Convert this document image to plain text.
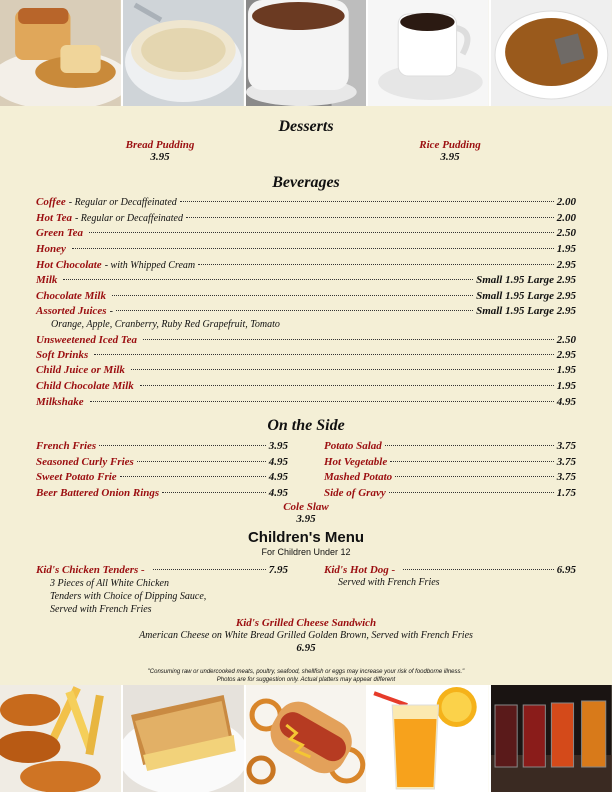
Desserts
Bread Pudding
3.95
Rice Pudding
3.95
Beverages
Coffee - Regular or Decaffeinated	2.00
Hot Tea - Regular or Decaffeinated	2.00
Green Tea	2.50
Honey	1.95
Hot Chocolate - with Whipped Cream	2.95
Milk	Small 1.95 Large 2.95
Chocolate Milk	Small 1.95 Large 2.95
Assorted Juices -	Small 1.95 Large 2.95
Unsweetened Iced Tea	2.50
Soft Drinks	2.95
Child Juice or Milk	1.95
Child Chocolate Milk	1.95
Milkshake	4.95
Orange, Apple, Cranberry, Ruby Red Grapefruit, Tomato
On the Side
French Fries	3.95
Seasoned Curly Fries	4.95
Sweet Potato Frie	4.95
Beer Battered Onion Rings	4.95
Potato Salad	3.75
Hot Vegetable	3.75
Mashed Potato	3.75
Side of Gravy	1.75
Cole Slaw
3.95
Children's Menu
For Children Under 12
Kid's Chicken Tenders -	7.95
3 Pieces of All White Chicken
Tenders with Choice of Dipping Sauce,
Served with French Fries
Kid's Hot Dog -	6.95
Served with French Fries
Kid's Grilled Cheese Sandwich
American Cheese on White Bread Grilled Golden Brown, Served with French Fries
6.95
"Consuming raw or undercooked meats, poultry, seafood, shellfish or eggs may increase your risk of foodborne illness."
Photos are for suggestion only. Actual platters may appear different
